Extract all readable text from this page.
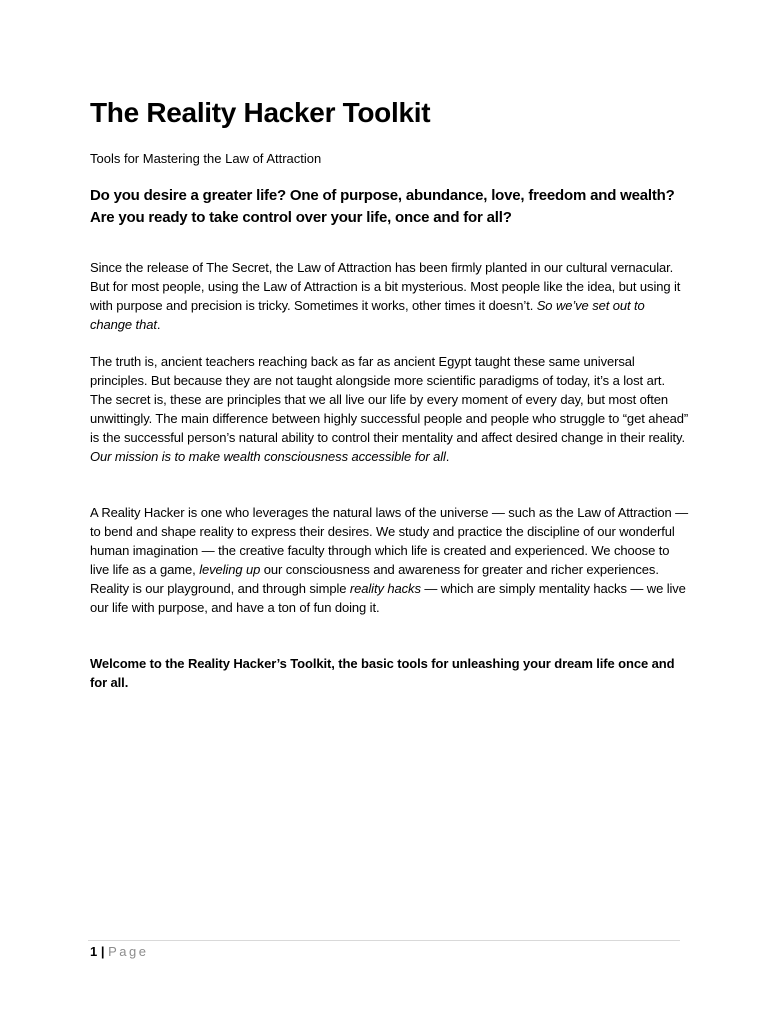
The Reality Hacker Toolkit

Tools for Mastering the Law of Attraction

Do you desire a greater life? One of purpose, abundance, love, freedom and wealth? Are you ready to take control over your life, once and for all?

Since the release of The Secret, the Law of Attraction has been firmly planted in our cultural vernacular. But for most people, using the Law of Attraction is a bit mysterious. Most people like the idea, but using it with purpose and precision is tricky. Sometimes it works, other times it doesn’t. So we’ve set out to change that.

The truth is, ancient teachers reaching back as far as ancient Egypt taught these same universal principles. But because they are not taught alongside more scientific paradigms of today, it’s a lost art. The secret is, these are principles that we all live our life by every moment of every day, but most often unwittingly. The main difference between highly successful people and people who struggle to “get ahead” is the successful person’s natural ability to control their mentality and affect desired change in their reality. Our mission is to make wealth consciousness accessible for all.

A Reality Hacker is one who leverages the natural laws of the universe — such as the Law of Attraction — to bend and shape reality to express their desires. We study and practice the discipline of our wonderful human imagination — the creative faculty through which life is created and experienced. We choose to live life as a game, leveling up our consciousness and awareness for greater and richer experiences. Reality is our playground, and through simple reality hacks — which are simply mentality hacks — we live our life with purpose, and have a ton of fun doing it.

Welcome to the Reality Hacker’s Toolkit, the basic tools for unleashing your dream life once and for all.

1 | Page
